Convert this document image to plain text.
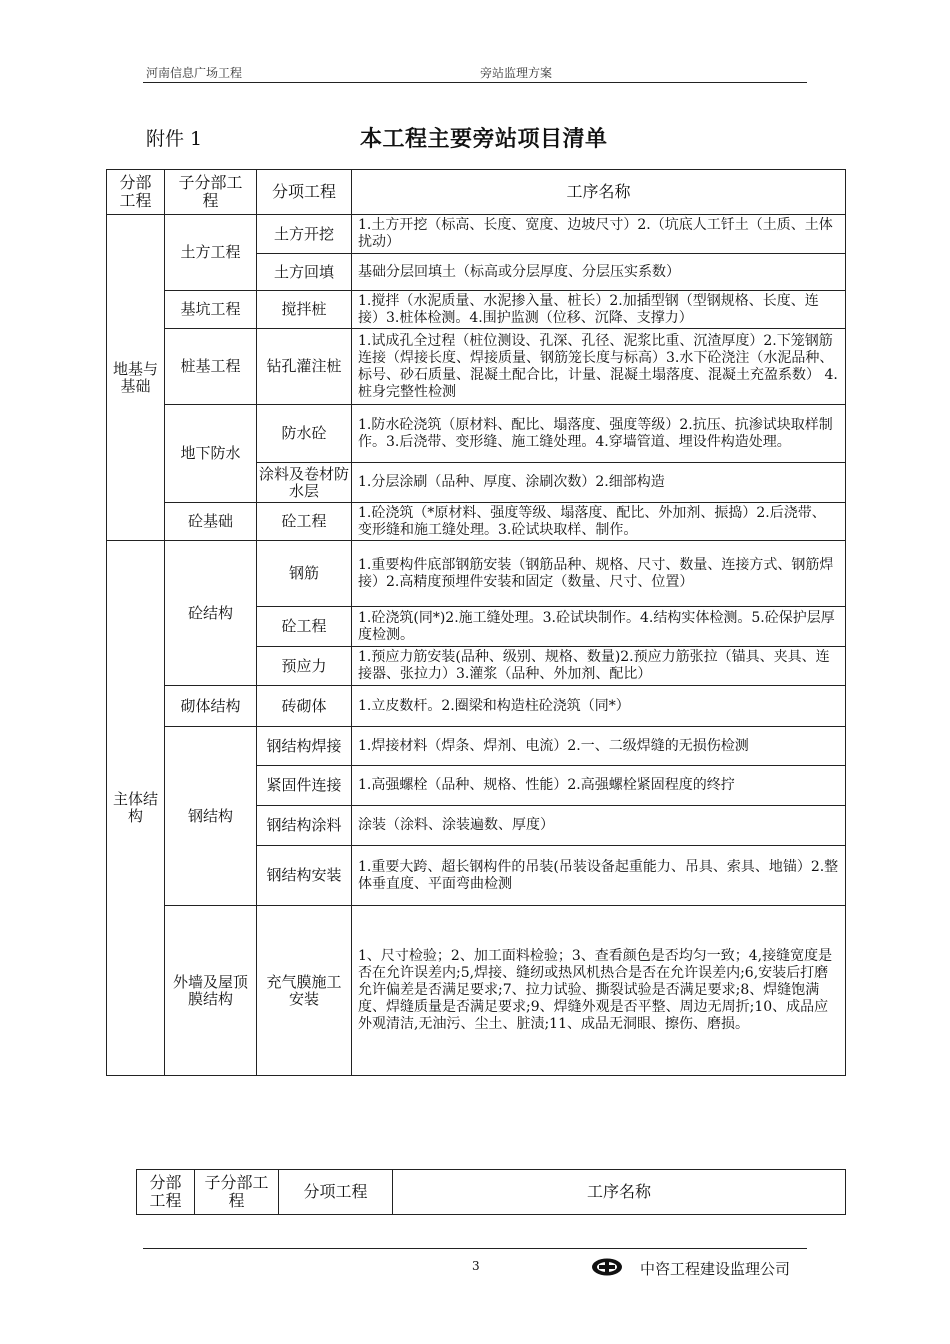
河南信息广场工程	旁站监理方案
附件 1	本工程主要旁站项目清单
分部工程	子分部工程	分项工程	工序名称
地基与基础	土方工程	土方开挖	1.土方开挖（标高、长度、宽度、边坡尺寸）2.（坑底人工钎土（土质、土体扰动）
		土方回填	基础分层回填土（标高或分层厚度、分层压实系数）
	基坑工程	搅拌桩	1.搅拌（水泥质量、水泥掺入量、桩长）2.加插型钢（型钢规格、长度、连接）3.桩体检测。4.围护监测（位移、沉降、支撑力）
	桩基工程	钻孔灌注桩	1.试成孔全过程（桩位测设、孔深、孔径、泥浆比重、沉渣厚度）2.下笼钢筋连接（焊接长度、焊接质量、钢筋笼长度与标高）3.水下砼浇注（水泥品种、标号、砂石质量、混凝土配合比，计量、混凝土塌落度、混凝土充盈系数） 4.桩身完整性检测
	地下防水	防水砼	1.防水砼浇筑（原材料、配比、塌落度、强度等级）2.抗压、抗渗试块取样制作。3.后浇带、变形缝、施工缝处理。4.穿墙管道、埋设件构造处理。
		涂料及卷材防水层	1.分层涂刷（品种、厚度、涂刷次数）2.细部构造
	砼基础	砼工程	1.砼浇筑（*原材料、强度等级、塌落度、配比、外加剂、振捣）2.后浇带、变形缝和施工缝处理。3.砼试块取样、制作。

主体结构	砼结构	钢筋	1.重要构件底部钢筋安装（钢筋品种、规格、尺寸、数量、连接方式、钢筋焊接）2.高精度预埋件安装和固定（数量、尺寸、位置）
		砼工程	1.砼浇筑(同*)2.施工缝处理。3.砼试块制作。4.结构实体检测。5.砼保护层厚度检测。
		预应力	1.预应力筋安装(品种、级别、规格、数量)2.预应力筋张拉（锚具、夹具、连接器、张拉力）3.灌浆（品种、外加剂、配比）
	砌体结构	砖砌体	1.立皮数杆。2.圈梁和构造柱砼浇筑（同*）
	钢结构	钢结构焊接	1.焊接材料（焊条、焊剂、电流）2.一、二级焊缝的无损伤检测
		紧固件连接	1.高强螺栓（品种、规格、性能）2.高强螺栓紧固程度的终拧
		钢结构涂料	涂装（涂料、涂装遍数、厚度）
		钢结构安装	1.重要大跨、超长钢构件的吊装(吊装设备起重能力、吊具、索具、地锚）2.整体垂直度、平面弯曲检测
	外墙及屋顶膜结构	充气膜施工安装	1、尺寸检验；2、加工面料检验；3、查看颜色是否均匀一致；4,接缝宽度是否在允许误差内;5,焊接、缝纫或热风机热合是否在允许误差内;6,安装后打磨允许偏差是否满足要求;7、拉力试验、撕裂试验是否满足要求;8、焊缝饱满度、焊缝质量是否满足要求;9、焊缝外观是否平整、周边无周折;10、成品应外观清洁,无油污、尘土、脏渍;11、成品无洞眼、擦伤、磨损。
分部工程	子分部工程	分项工程	工序名称
3	中咨工程建设监理公司
